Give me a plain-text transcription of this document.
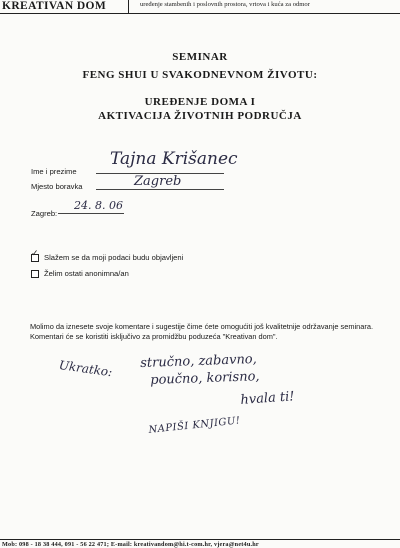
KREATIVAN DOM	uređenje stambenih i poslovnih prostora, vrtova i kuća za odmor
SEMINAR
FENG SHUI U SVAKODNEVNOM ŽIVOTU:
UREĐENJE DOMA I
AKTIVACIJA ŽIVOTNIH PODRUČJA
Ime i prezime
Tajna Krišanec
Mjesto boravka	Zagreb
Zagreb:
24. 8. 06
✓ Slažem se da moji podaci budu objavljeni
Želim ostati anonimna/an
Molimo da iznesete svoje komentare i sugestije čime ćete omogućiti još kvalitetnije održavanje seminara. Komentari će se koristiti isključivo za promidžbu poduzeća "Kreativan dom".
Ukratko: stručno, zabavno,
poučno, korisno,
hvala ti!
NAPIŠI KNJIGU!
Mob: 098 - 18 38 444, 091 - 56 22 471; E-mail: kreativandom@hi.t-com.hr, vjera@net4u.hr
